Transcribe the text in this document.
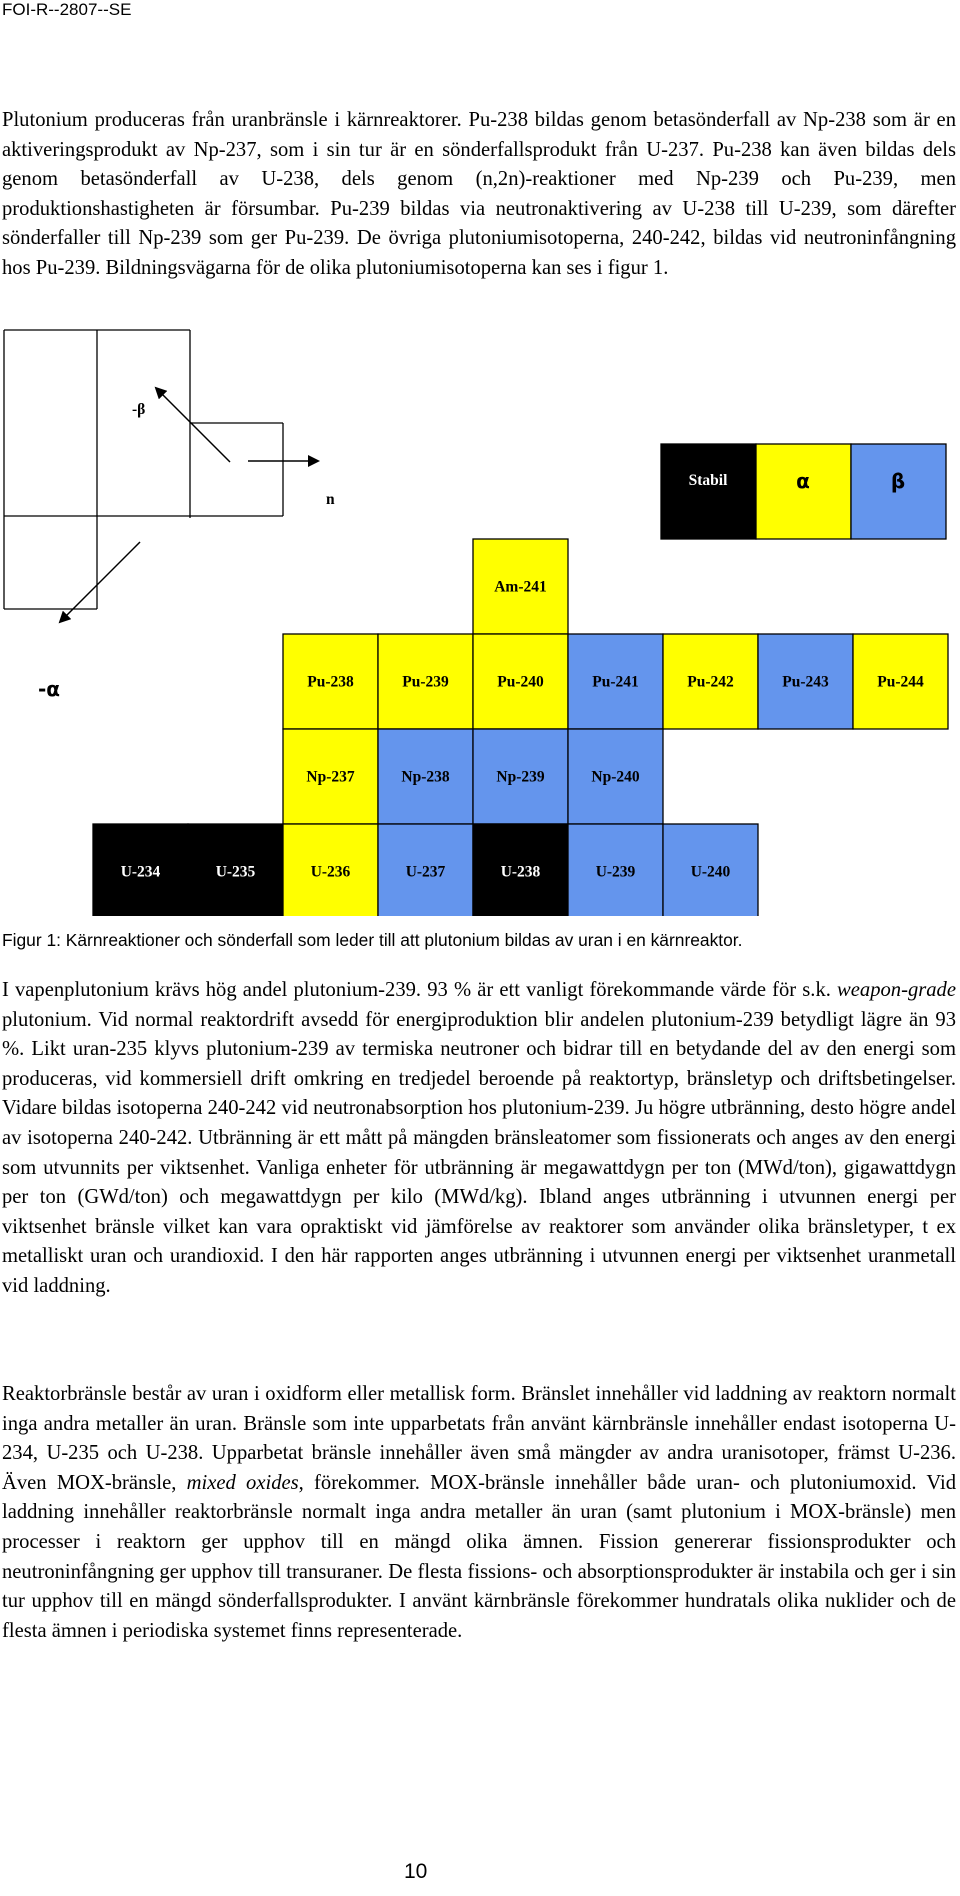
FOI-R--2807--SE
Plutonium produceras från uranbränsle i kärnreaktorer. Pu-238 bildas genom betasönderfall av Np-238 som är en aktiveringsprodukt av Np-237, som i sin tur är en sönderfallsprodukt från U-237. Pu-238 kan även bildas dels genom betasönderfall av U-238, dels genom (n,2n)-reaktioner med Np-239 och Pu-239, men produktionshastigheten är försumbar. Pu-239 bildas via neutronaktivering av U-238 till U-239, som därefter sönderfaller till Np-239 som ger Pu-239. De övriga plutoniumisotoperna, 240-242, bildas vid neutroninfångning hos Pu-239. Bildningsvägarna för de olika plutoniumisotoperna kan ses i figur 1.
-β
n
-α
Stabil	α	β
Am-241
Pu-238	Pu-239	Pu-240	Pu-241	Pu-242	Pu-243	Pu-244
Np-237	Np-238	Np-239	Np-240
U-234	U-235	U-236	U-237	U-238	U-239	U-240
Figur 1: Kärnreaktioner och sönderfall som leder till att plutonium bildas av uran i en kärnreaktor.
I vapenplutonium krävs hög andel plutonium-239. 93 % är ett vanligt förekommande värde för s.k. weapon-grade plutonium. Vid normal reaktordrift avsedd för energiproduktion blir andelen plutonium-239 betydligt lägre än 93 %. Likt uran-235 klyvs plutonium-239 av termiska neutroner och bidrar till en betydande del av den energi som produceras, vid kommersiell drift omkring en tredjedel beroende på reaktortyp, bränsletyp och driftsbetingelser. Vidare bildas isotoperna 240-242 vid neutronabsorption hos plutonium-239. Ju högre utbränning, desto högre andel av isotoperna 240-242. Utbränning är ett mått på mängden bränsleatomer som fissionerats och anges av den energi som utvunnits per viktsenhet. Vanliga enheter för utbränning är megawattdygn per ton (MWd/ton), gigawattdygn per ton (GWd/ton) och megawattdygn per kilo (MWd/kg). Ibland anges utbränning i utvunnen energi per viktsenhet bränsle vilket kan vara opraktiskt vid jämförelse av reaktorer som använder olika bränsletyper, t ex metalliskt uran och urandioxid. I den här rapporten anges utbränning i utvunnen energi per viktsenhet uranmetall vid laddning.
Reaktorbränsle består av uran i oxidform eller metallisk form. Bränslet innehåller vid laddning av reaktorn normalt inga andra metaller än uran. Bränsle som inte upparbetats från använt kärnbränsle innehåller endast isotoperna U-234, U-235 och U-238. Upparbetat bränsle innehåller även små mängder av andra uranisotoper, främst U-236. Även MOX-bränsle, mixed oxides, förekommer. MOX-bränsle innehåller både uran- och plutoniumoxid. Vid laddning innehåller reaktorbränsle normalt inga andra metaller än uran (samt plutonium i MOX-bränsle) men processer i reaktorn ger upphov till en mängd olika ämnen. Fission genererar fissionsprodukter och neutroninfångning ger upphov till transuraner. De flesta fissions- och absorptionsprodukter är instabila och ger i sin tur upphov till en mängd sönderfallsprodukter. I använt kärnbränsle förekommer hundratals olika nuklider och de flesta ämnen i periodiska systemet finns representerade.
10
